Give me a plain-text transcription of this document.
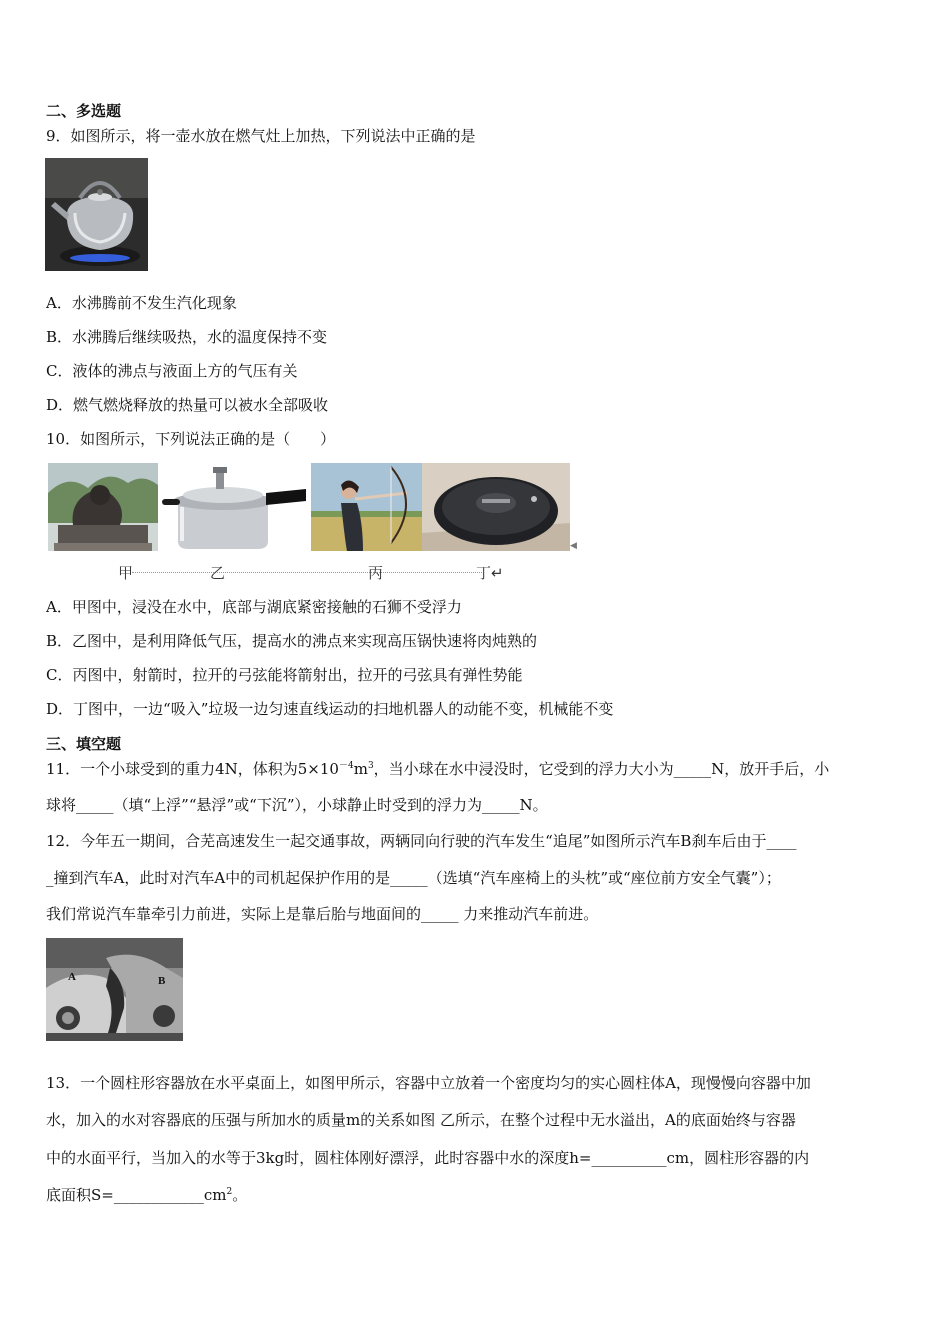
二、多选题
9．如图所示，将一壶水放在燃气灶上加热，下列说法中正确的是
A．水沸腾前不发生汽化现象
B．水沸腾后继续吸热，水的温度保持不变
C．液体的沸点与液面上方的气压有关
D．燃气燃烧释放的热量可以被水全部吸收
10．如图所示，下列说法正确的是（　　）
◀
甲	乙	丙	丁↵
A．甲图中，浸没在水中，底部与湖底紧密接触的石狮不受浮力
B．乙图中，是利用降低气压，提高水的沸点来实现高压锅快速将肉炖熟的
C．丙图中，射箭时，拉开的弓弦能将箭射出，拉开的弓弦具有弹性势能
D．丁图中，一边“吸入”垃圾一边匀速直线运动的扫地机器人的动能不变，机械能不变
三、填空题
11．一个小球受到的重力4N，体积为$5\times 10^{-4}m^3$，当小球在水中浸没时，它受到的浮力大小为_____N，放开手后，小
球将_____（填“上浮”“悬浮”或“下沉”），小球静止时受到的浮力为_____N。
12．今年五一期间，合芜高速发生一起交通事故，两辆同向行驶的汽车发生“追尾”如图所示汽车B刹车后由于____
_撞到汽车A，此时对汽车A中的司机起保护作用的是_____（选填“汽车座椅上的头枕”或“座位前方安全气囊”）；
我们常说汽车靠牵引力前进，实际上是靠后胎与地面间的_____ 力来推动汽车前进。
A	B
13．一个圆柱形容器放在水平桌面上，如图甲所示，容器中立放着一个密度均匀的实心圆柱体A，现慢慢向容器中加
水，加入的水对容器底的压强与所加水的质量m的关系如图 乙所示，在整个过程中无水溢出，A的底面始终与容器
中的水面平行，当加入的水等于3kg时，圆柱体刚好漂浮，此时容器中水的深度h=__________cm，圆柱形容器的内
底面积$S=\_\_\_\_\_\_\_\_\_\_\_\_cm^2$。
